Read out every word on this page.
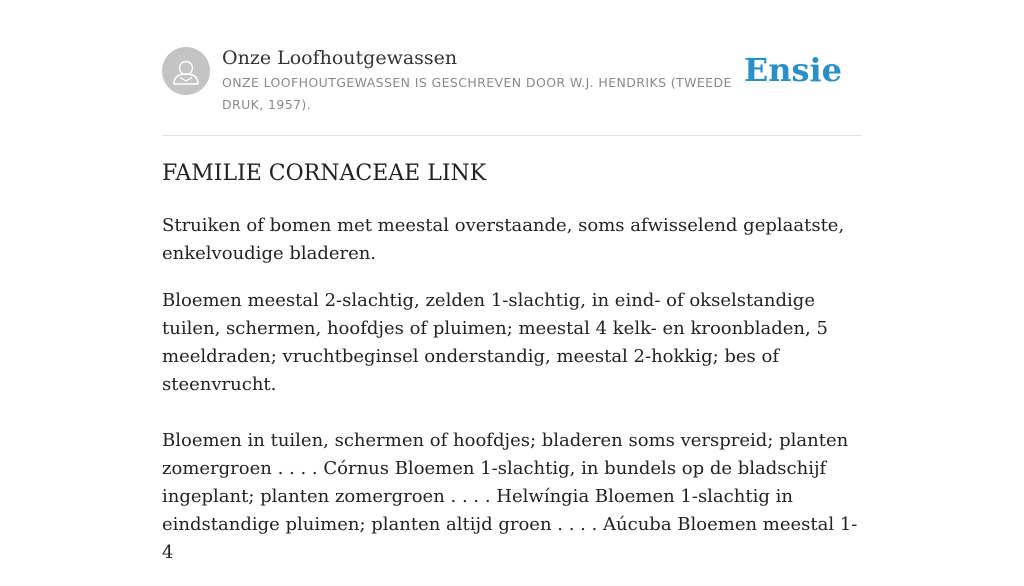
Onze Loofhoutgewassen
ONZE LOOFHOUTGEWASSEN IS GESCHREVEN DOOR W.J. HENDRIKS (TWEEDE DRUK, 1957).
Ensie
FAMILIE CORNACEAE LINK

Struiken of bomen met meestal overstaande, soms afwisselend geplaatste, enkelvoudige bladeren.

Bloemen meestal 2-slachtig, zelden 1-slachtig, in eind- of okselstandige tuilen, schermen, hoofdjes of pluimen; meestal 4 kelk- en kroonbladen, 5 meeldraden; vruchtbeginsel onderstandig, meestal 2-hokkig; bes of steenvrucht.

Bloemen in tuilen, schermen of hoofdjes; bladeren soms verspreid; planten zomergroen . . . . Córnus Bloemen 1-slachtig, in bundels op de bladschijf ingeplant; planten zomergroen . . . . Helwíngia Bloemen 1-slachtig in eindstandige pluimen; planten altijd groen . . . . Aúcuba Bloemen meestal 1-4
